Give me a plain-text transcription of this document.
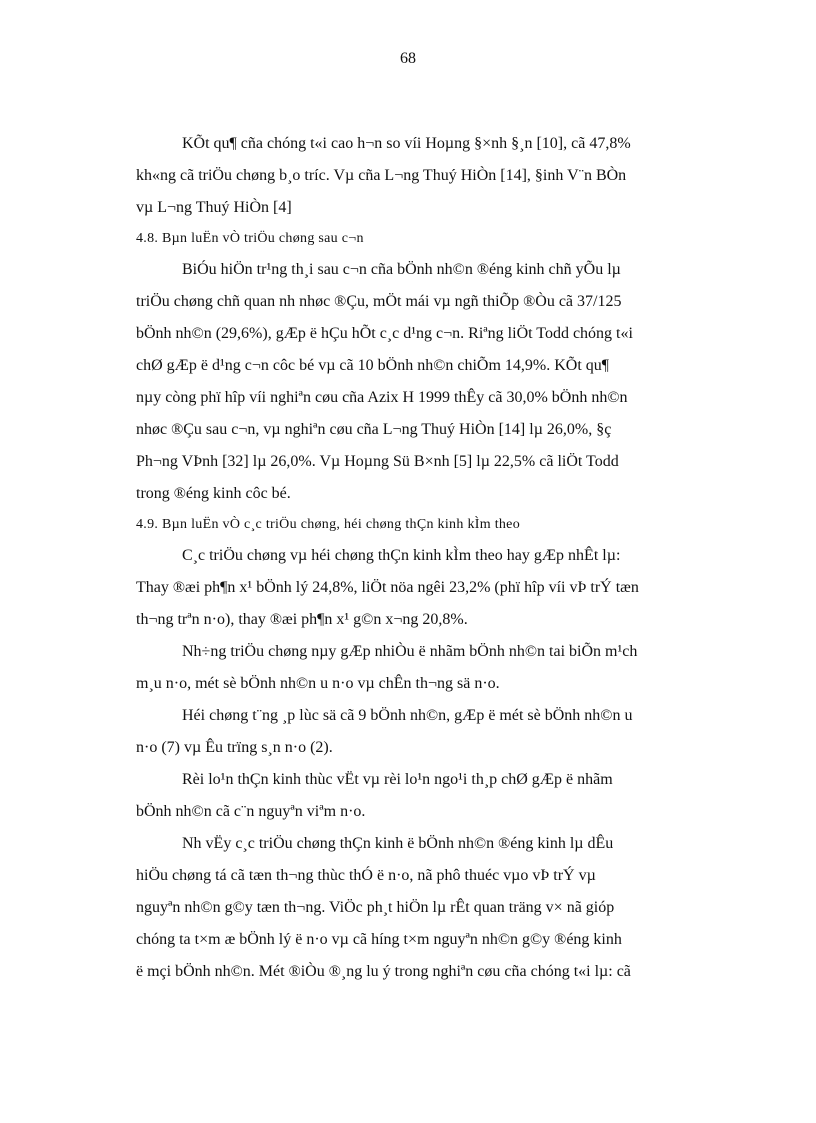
68

KÕt qu¶ cña chóng t«i cao h¬n so víi Hoµng §×nh §¸n [10], cã 47,8%
kh«ng cã triÖu chøng b¸o tríc. Vµ cña L¬ng Thuý HiÒn [14], §inh V¨n BÒn
vµ L¬ng Thuý HiÒn [4]

4.8. Bµn luËn vÒ triÖu chøng sau c¬n

BiÓu hiÖn tr¹ng th¸i sau c¬n cña bÖnh nh©n ®éng kinh chñ yÕu lµ
triÖu chøng chñ quan nh nhøc ®Çu, mÖt mái vµ ngñ thiÕp ®Òu cã 37/125
bÖnh nh©n (29,6%), gÆp ë hÇu hÕt c¸c d¹ng c¬n. Riªng liÖt Todd chóng t«i
chØ gÆp ë d¹ng c¬n côc bé vµ cã 10 bÖnh nh©n chiÕm 14,9%. KÕt qu¶
nµy còng phï hîp víi nghiªn cøu cña Azix H 1999 thÊy cã 30,0% bÖnh nh©n
nhøc ®Çu sau c¬n, vµ nghiªn cøu cña L¬ng Thuý HiÒn [14] lµ 26,0%, §ç
Ph¬ng VÞnh [32] lµ 26,0%. Vµ Hoµng Sü B×nh [5] lµ 22,5% cã liÖt Todd
trong ®éng kinh côc bé.

4.9. Bµn luËn vÒ c¸c triÖu chøng, héi chøng thÇn kinh kÌm theo

C¸c triÖu chøng vµ héi chøng thÇn kinh kÌm theo hay gÆp nhÊt lµ:
Thay ®æi ph¶n x¹ bÖnh lý 24,8%, liÖt nöa ngêi 23,2% (phï hîp víi vÞ trÝ tæn
th¬ng trªn n·o), thay ®æi ph¶n x¹ g©n x¬ng 20,8%.

Nh÷ng triÖu chøng nµy gÆp nhiÒu ë nhãm bÖnh nh©n tai biÕn m¹ch
m¸u n·o, mét sè bÖnh nh©n u n·o vµ chÊn th¬ng sä n·o.

Héi chøng t¨ng ¸p lùc sä cã 9 bÖnh nh©n, gÆp ë mét sè bÖnh nh©n u
n·o (7) vµ Êu trïng s¸n n·o (2).

Rèi lo¹n thÇn kinh thùc vËt vµ rèi lo¹n ngo¹i th¸p chØ gÆp ë nhãm
bÖnh nh©n cã c¨n nguyªn viªm n·o.

Nh vËy c¸c triÖu chøng thÇn kinh ë bÖnh nh©n ®éng kinh lµ dÊu
hiÖu chøng tá cã tæn th¬ng thùc thÓ ë n·o, nã phô thuéc vµo vÞ trÝ vµ
nguyªn nh©n g©y tæn th¬ng. ViÖc ph¸t hiÖn lµ rÊt quan träng v× nã gióp
chóng ta t×m æ bÖnh lý ë n·o vµ cã híng t×m nguyªn nh©n g©y ®éng kinh
ë mçi bÖnh nh©n. Mét ®iÒu ®¸ng lu ý trong nghiªn cøu cña chóng t«i lµ: cã
